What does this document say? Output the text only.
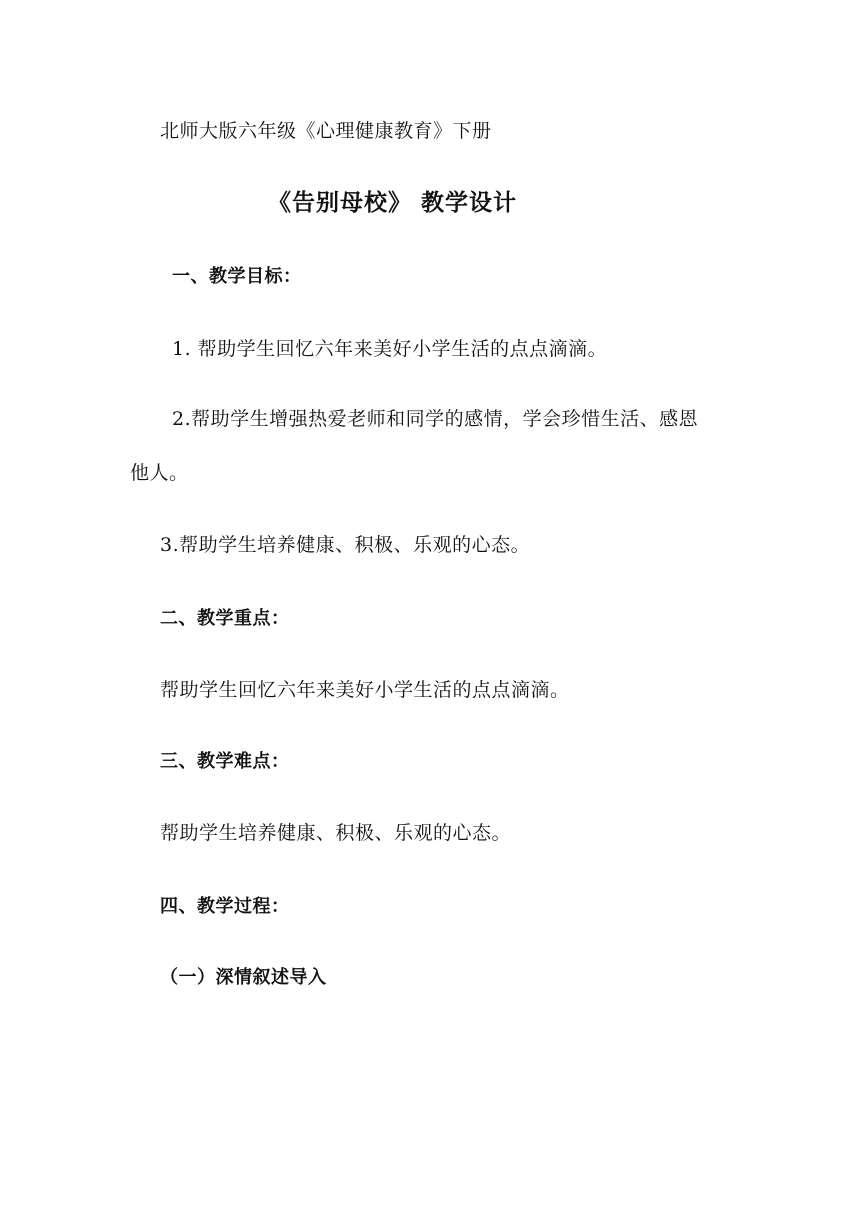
北师大版六年级《心理健康教育》下册
《告别母校》 教学设计
一、教学目标：
1. 帮助学生回忆六年来美好小学生活的点点滴滴。
2.帮助学生增强热爱老师和同学的感情，学会珍惜生活、感恩
他人。
3.帮助学生培养健康、积极、乐观的心态。
二、教学重点：
帮助学生回忆六年来美好小学生活的点点滴滴。
三、教学难点：
帮助学生培养健康、积极、乐观的心态。
四、教学过程：
（一）深情叙述导入
